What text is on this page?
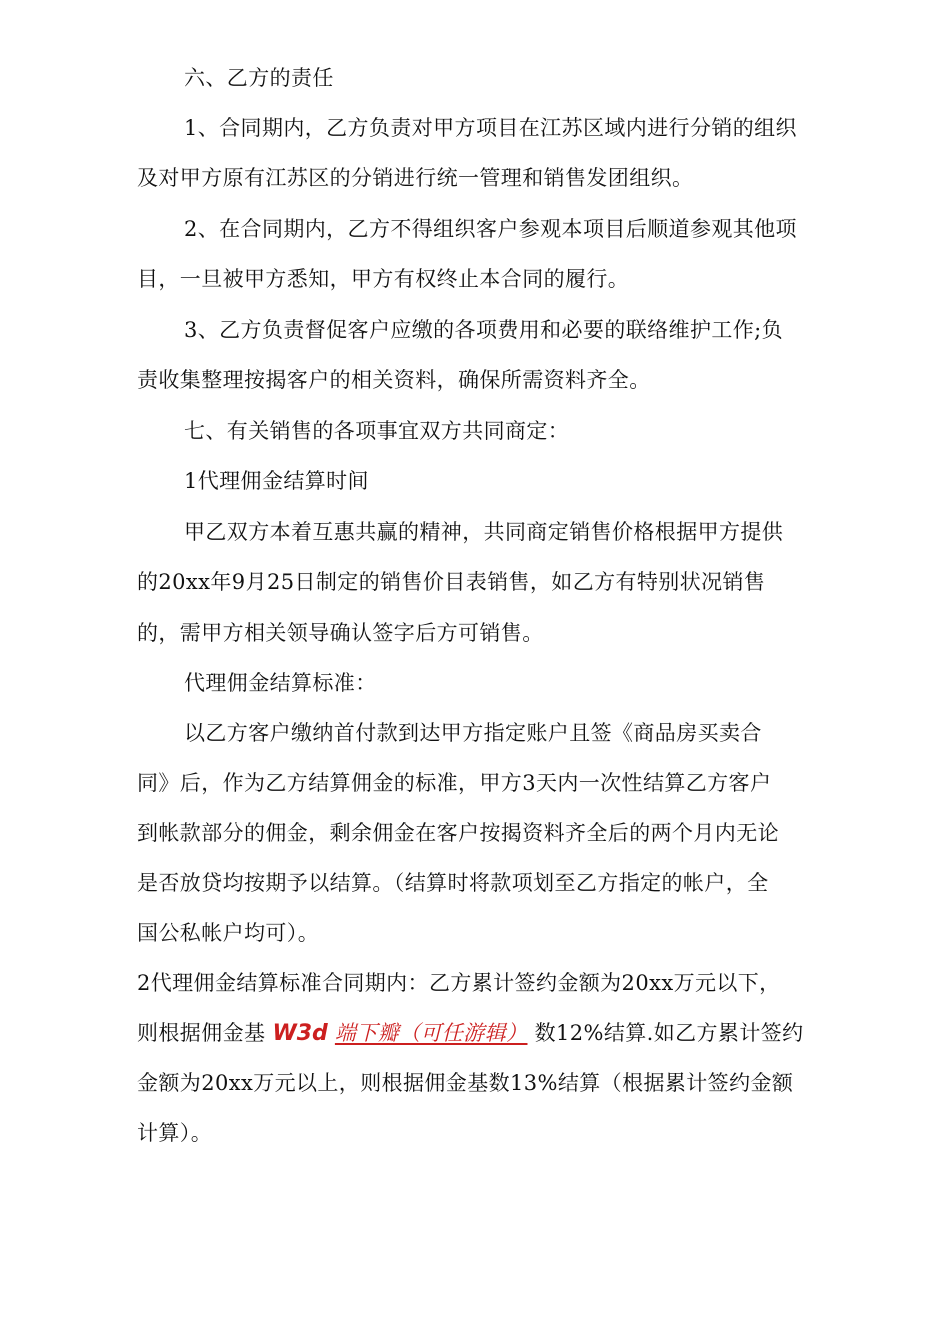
六、乙方的责任
1、合同期内，乙方负责对甲方项目在江苏区域内进行分销的组织
及对甲方原有江苏区的分销进行统一管理和销售发团组织。
2、在合同期内，乙方不得组织客户参观本项目后顺道参观其他项
目，一旦被甲方悉知，甲方有权终止本合同的履行。
3、乙方负责督促客户应缴的各项费用和必要的联络维护工作;负
责收集整理按揭客户的相关资料，确保所需资料齐全。
七、有关销售的各项事宜双方共同商定：
1代理佣金结算时间
甲乙双方本着互惠共赢的精神，共同商定销售价格根据甲方提供
的20xx年9月25日制定的销售价目表销售，如乙方有特别状况销售
的，需甲方相关领导确认签字后方可销售。
代理佣金结算标准：
以乙方客户缴纳首付款到达甲方指定账户且签《商品房买卖合
同》后，作为乙方结算佣金的标准，甲方3天内一次性结算乙方客户
到帐款部分的佣金，剩余佣金在客户按揭资料齐全后的两个月内无论
是否放贷均按期予以结算。（结算时将款项划至乙方指定的帐户，全
国公私帐户均可）。
2代理佣金结算标准合同期内：乙方累计签约金额为20xx万元以下，
则根据佣金基 W3d 端下瓣（可任游辑） 数12%结算.如乙方累计签约
金额为20xx万元以上，则根据佣金基数13%结算（根据累计签约金额
计算）。
